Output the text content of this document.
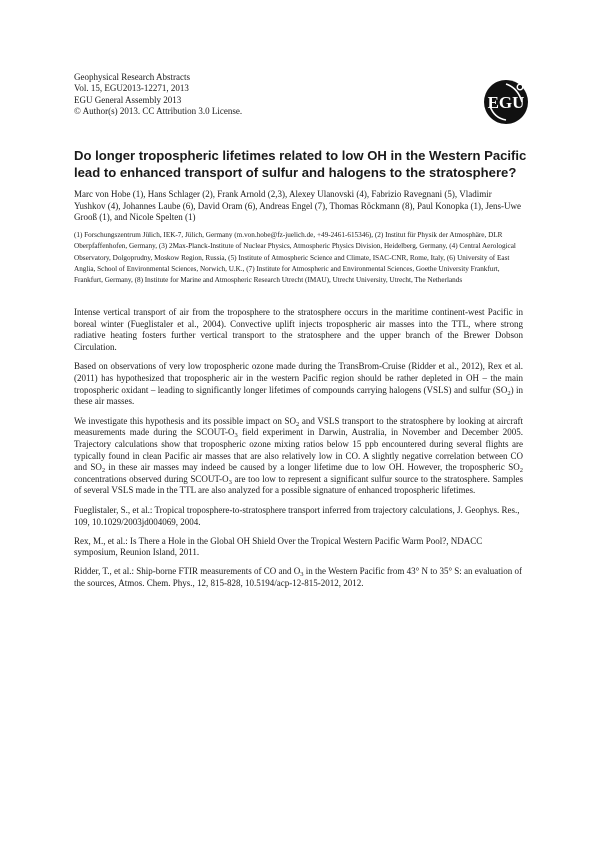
Geophysical Research Abstracts
Vol. 15, EGU2013-12271, 2013
EGU General Assembly 2013
© Author(s) 2013. CC Attribution 3.0 License.	EGU
Do longer tropospheric lifetimes related to low OH in the Western Pacific lead to enhanced transport of sulfur and halogens to the stratosphere?

Marc von Hobe (1), Hans Schlager (2), Frank Arnold (2,3), Alexey Ulanovski (4), Fabrizio Ravegnani (5), Vladimir Yushkov (4), Johannes Laube (6), David Oram (6), Andreas Engel (7), Thomas Röckmann (8), Paul Konopka (1), Jens-Uwe Grooß (1), and Nicole Spelten (1)

(1) Forschungszentrum Jülich, IEK-7, Jülich, Germany (m.von.hobe@fz-juelich.de, +49-2461-615346), (2) Institut für Physik der Atmosphäre, DLR Oberpfaffenhofen, Germany, (3) 2Max-Planck-Institute of Nuclear Physics, Atmospheric Physics Division, Heidelberg, Germany, (4) Central Aerological Observatory, Dolgoprudny, Moskow Region, Russia, (5) Institute of Atmospheric Science and Climate, ISAC-CNR, Rome, Italy, (6) University of East Anglia, School of Environmental Sciences, Norwich, U.K., (7) Institute for Atmospheric and Environmental Sciences, Goethe University Frankfurt, Frankfurt, Germany, (8) Institute for Marine and Atmospheric Research Utrecht (IMAU), Utrecht University, Utrecht, The Netherlands

Intense vertical transport of air from the troposphere to the stratosphere occurs in the maritime continent-west Pacific in boreal winter (Fueglistaler et al., 2004). Convective uplift injects tropospheric air masses into the TTL, where strong radiative heating fosters further vertical transport to the stratosphere and the upper branch of the Brewer Dobson Circulation.

Based on observations of very low tropospheric ozone made during the TransBrom-Cruise (Ridder et al., 2012), Rex et al. (2011) has hypothesized that tropospheric air in the western Pacific region should be rather depleted in OH – the main tropospheric oxidant – leading to significantly longer lifetimes of compounds carrying halogens (VSLS) and sulfur $(SO_2)$ in these air masses.

We investigate this hypothesis and its possible impact on $SO_2$ and VSLS transport to the stratosphere by looking at aircraft measurements made during the SCOUT-$O_3$ field experiment in Darwin, Australia, in November and December 2005. Trajectory calculations show that tropospheric ozone mixing ratios below 15 ppb encountered during several flights are typically found in clean Pacific air masses that are also relatively low in CO. A slightly negative correlation between CO and $SO_2$ in these air masses may indeed be caused by a longer lifetime due to low OH. However, the tropospheric $SO_2$ concentrations observed during SCOUT-$O_3$ are too low to represent a significant sulfur source to the stratosphere. Samples of several VSLS made in the TTL are also analyzed for a possible signature of enhanced tropospheric lifetimes.

Fueglistaler, S., et al.: Tropical troposphere-to-stratosphere transport inferred from trajectory calculations, J. Geophys. Res., 109, 10.1029/2003jd004069, 2004.

Rex, M., et al.: Is There a Hole in the Global OH Shield Over the Tropical Western Pacific Warm Pool?, NDACC symposium, Reunion Island, 2011.

Ridder, T., et al.: Ship-borne FTIR measurements of CO and $O_3$ in the Western Pacific from 43° N to 35° S: an evaluation of the sources, Atmos. Chem. Phys., 12, 815-828, 10.5194/acp-12-815-2012, 2012.
